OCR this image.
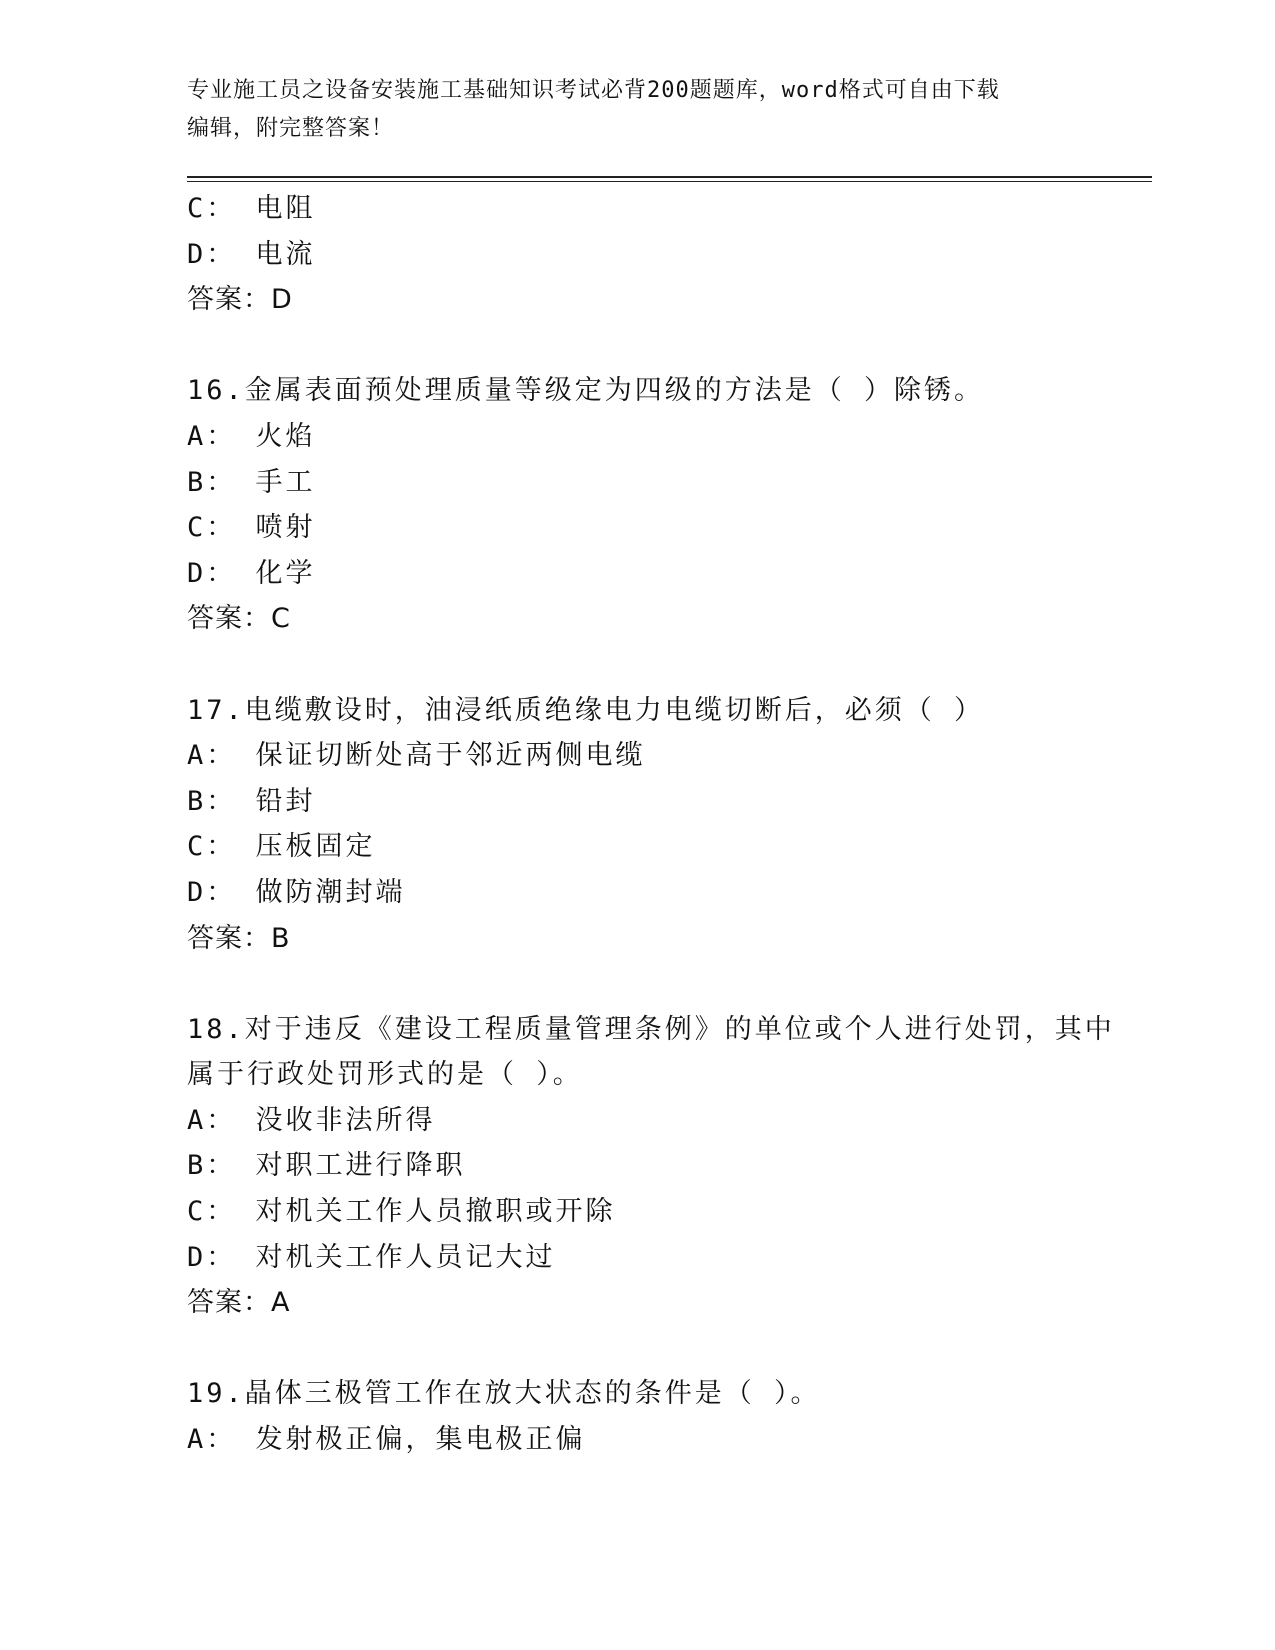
专业施工员之设备安装施工基础知识考试必背200题题库，word格式可自由下载
编辑，附完整答案！
C： 电阻
D： 电流
答案：D
16.金属表面预处理质量等级定为四级的方法是（ ）除锈。
A： 火焰
B： 手工
C： 喷射
D： 化学
答案：C
17.电缆敷设时，油浸纸质绝缘电力电缆切断后，必须（ ）
A： 保证切断处高于邻近两侧电缆
B： 铅封
C： 压板固定
D： 做防潮封端
答案：B
18.对于违反《建设工程质量管理条例》的单位或个人进行处罚，其中
属于行政处罚形式的是（ ）。
A： 没收非法所得
B： 对职工进行降职
C： 对机关工作人员撤职或开除
D： 对机关工作人员记大过
答案：A
19.晶体三极管工作在放大状态的条件是（ ）。
A： 发射极正偏，集电极正偏
